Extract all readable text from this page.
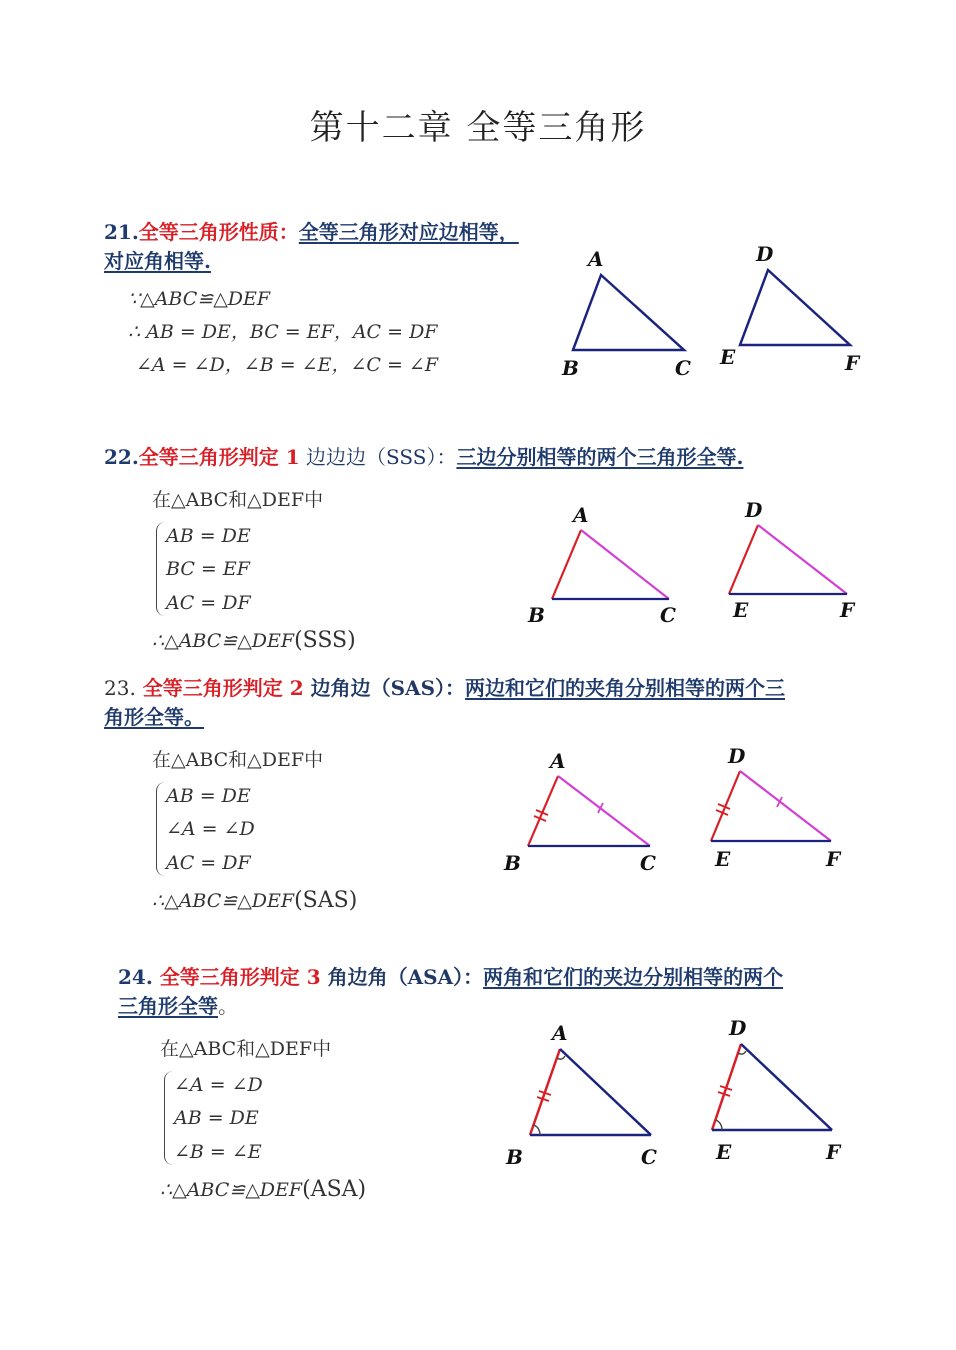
第十二章 全等三角形
21.全等三角形性质：全等三角形对应边相等，
对应角相等.
∵△ABC≌△DEF
∴ AB = DE，BC = EF，AC = DF
∠A = ∠D，∠B = ∠E，∠C = ∠F
A
B	C
D
E	F
22.全等三角形判定 1 边边边（SSS）：三边分别相等的两个三角形全等.
在△ABC和△DEF中
AB = DE
BC = EF
AC = DF
∴△ABC≌△DEF(SSS)
A
B	C
D
E	F
23. 全等三角形判定 2 边角边（SAS）：两边和它们的夹角分别相等的两个三
角形全等。
在△ABC和△DEF中
AB = DE
∠A = ∠D
AC = DF
∴△ABC≌△DEF(SAS)
A
B	C
D
E	F
24. 全等三角形判定 3 角边角（ASA）：两角和它们的夹边分别相等的两个
三角形全等。
在△ABC和△DEF中
∠A = ∠D
AB = DE
∠B = ∠E
∴△ABC≌△DEF(ASA)
A
B	C
D
E	F
